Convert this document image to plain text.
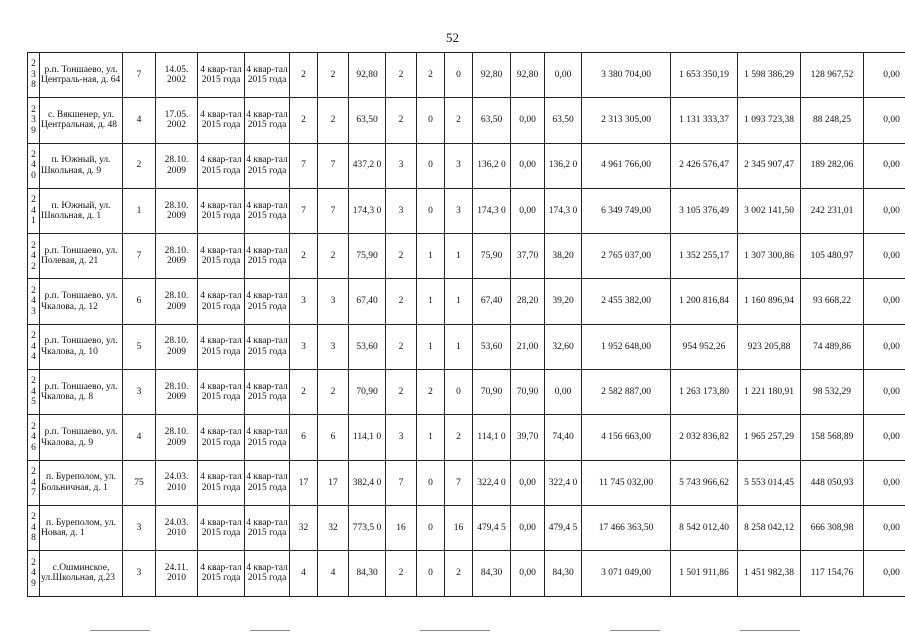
52
2
3
8	р.п. Тоншаево, ул. Централь-ная, д. 64	7	14.05. 2002	4 квар-тал 2015 года	4 квар-тал 2015 года	2	2	92,80	2	2	0	92,80	92,80	0,00	3 380 704,00	1 653 350,19	1 598 386,29	128 967,52	0,00

2
3
9	с. Вякшенер, ул. Центральная, д. 48	4	17.05. 2002	4 квар-тал 2015 года	4 квар-тал 2015 года	2	2	63,50	2	0	2	63,50	0,00	63,50	2 313 305,00	1 131 333,37	1 093 723,38	88 248,25	0,00

2
4
0	п. Южный, ул. Школьная, д. 9	2	28.10. 2009	4 квар-тал 2015 года	4 квар-тал 2015 года	7	7	437,2 0	3	0	3	136,2 0	0,00	136,2 0	4 961 766,00	2 426 576,47	2 345 907,47	189 282,06	0,00

2
4
1	п. Южный, ул. Школьная, д. 1	1	28.10. 2009	4 квар-тал 2015 года	4 квар-тал 2015 года	7	7	174,3 0	3	0	3	174,3 0	0,00	174,3 0	6 349 749,00	3 105 376,49	3 002 141,50	242 231,01	0,00

2
4
2	р.п. Тоншаево, ул. Полевая, д. 21	7	28.10. 2009	4 квар-тал 2015 года	4 квар-тал 2015 года	2	2	75,90	2	1	1	75,90	37,70	38,20	2 765 037,00	1 352 255,17	1 307 300,86	105 480,97	0,00

2
4
3	р.п. Тоншаево, ул. Чкалова, д. 12	6	28.10. 2009	4 квар-тал 2015 года	4 квар-тал 2015 года	3	3	67,40	2	1	1	67,40	28,20	39,20	2 455 382,00	1 200 816,84	1 160 896,94	93 668,22	0,00

2
4
4	р.п. Тоншаево, ул. Чкалова, д. 10	5	28.10. 2009	4 квар-тал 2015 года	4 квар-тал 2015 года	3	3	53,60	2	1	1	53,60	21,00	32,60	1 952 648,00	954 952,26	923 205,88	74 489,86	0,00

2
4
5	р.п. Тоншаево, ул. Чкалова, д. 8	3	28.10. 2009	4 квар-тал 2015 года	4 квар-тал 2015 года	2	2	70,90	2	2	0	70,90	70,90	0,00	2 582 887,00	1 263 173,80	1 221 180,91	98 532,29	0,00

2
4
6	р.п. Тоншаево, ул. Чкалова, д. 9	4	28.10. 2009	4 квар-тал 2015 года	4 квар-тал 2015 года	6	6	114,1 0	3	1	2	114,1 0	39,70	74,40	4 156 663,00	2 032 836,82	1 965 257,29	158 568,89	0,00

2
4
7	п. Буреполом, ул. Больничная, д. 1	75	24.03. 2010	4 квар-тал 2015 года	4 квар-тал 2015 года	17	17	382,4 0	7	0	7	322,4 0	0,00	322,4 0	11 745 032,00	5 743 966,62	5 553 014,45	448 050,93	0,00

2
4
8	п. Буреполом, ул. Новая, д. 1	3	24.03. 2010	4 квар-тал 2015 года	4 квар-тал 2015 года	32	32	773,5 0	16	0	16	479,4 5	0,00	479,4 5	17 466 363,50	8 542 012,40	8 258 042,12	666 308,98	0,00

2
4
9	с.Ошминское, ул.Школьная, д.23	3	24.11. 2010	4 квар-тал 2015 года	4 квар-тал 2015 года	4	4	84,30	2	0	2	84,30	0,00	84,30	3 071 049,00	1 501 911,86	1 451 982,38	117 154,76	0,00
